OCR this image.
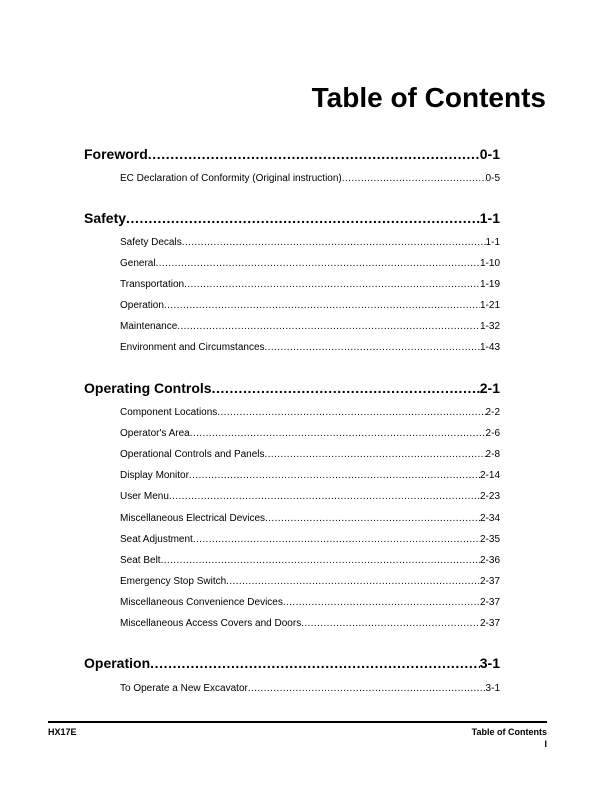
Table of Contents
Foreword .....	0-1
EC Declaration of Conformity (Original instruction) .....	0-5
Safety .....	1-1
Safety Decals .....	1-1
General .....	1-10
Transportation .....	1-19
Operation .....	1-21
Maintenance .....	1-32
Environment and Circumstances .....	1-43
Operating Controls .....	2-1
Component Locations .....	2-2
Operator's Area .....	2-6
Operational Controls and Panels .....	2-8
Display Monitor .....	2-14
User Menu .....	2-23
Miscellaneous Electrical Devices .....	2-34
Seat Adjustment .....	2-35
Seat Belt .....	2-36
Emergency Stop Switch .....	2-37
Miscellaneous Convenience Devices .....	2-37
Miscellaneous Access Covers and Doors .....	2-37
Operation .....	3-1
To Operate a New Excavator .....	3-1
HX17E	Table of Contents
I
